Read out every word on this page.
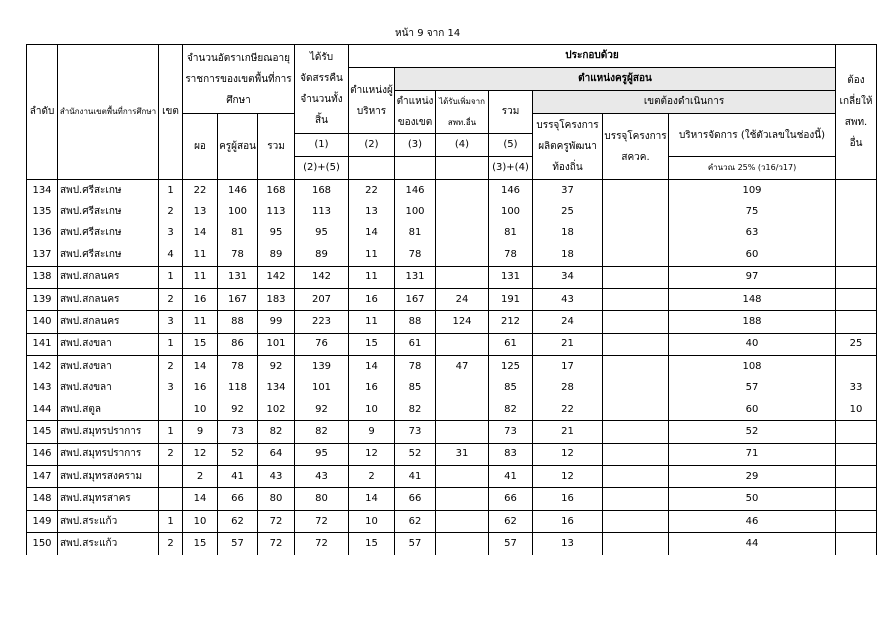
หน้า 9 จาก 14
ลำดับ	สำนักงานเขตพื้นที่การศึกษา	เขต	จำนวนอัตราเกษียณอายุราชการของเขตพื้นที่การศึกษา			ได้รับจัดสรรคืนจำนวนทั้งสิ้น	ประกอบด้วย							ต้องเกลี่ยให้ สพท. อื่น
							ตำแหน่งผู้บริหาร	ตำแหน่งครูผู้สอน						
								ตำแหน่งของเขต	ได้รับเพิ่มจาก สพท.อื่น	รวม	เขตต้องดำเนินการ			
			ผอ	ครูผู้สอน	รวม						บรรจุโครงการผลิตครูพัฒนาท้องถิ่น	บรรจุโครงการ สควค.	บริหารจัดการ (ใช้ตัวเลขในช่องนี้)	
						(1)	(2)	(3)	(4)	(5)				
						(2)+(5)				(3)+(4)			คำนวณ 25% (ว16/ว17)	
134	สพป.ศรีสะเกษ	1	22	146	168	168	22	146		146	37		109	
135	สพป.ศรีสะเกษ	2	13	100	113	113	13	100		100	25		75	
136	สพป.ศรีสะเกษ	3	14	81	95	95	14	81		81	18		63	
137	สพป.ศรีสะเกษ	4	11	78	89	89	11	78		78	18		60	
138	สพป.สกลนคร	1	11	131	142	142	11	131		131	34		97	
139	สพป.สกลนคร	2	16	167	183	207	16	167	24	191	43		148	
140	สพป.สกลนคร	3	11	88	99	223	11	88	124	212	24		188	
141	สพป.สงขลา	1	15	86	101	76	15	61		61	21		40	25
142	สพป.สงขลา	2	14	78	92	139	14	78	47	125	17		108	
143	สพป.สงขลา	3	16	118	134	101	16	85		85	28		57	33
144	สพป.สตูล		10	92	102	92	10	82		82	22		60	10
145	สพป.สมุทรปราการ	1	9	73	82	82	9	73		73	21		52	
146	สพป.สมุทรปราการ	2	12	52	64	95	12	52	31	83	12		71	
147	สพป.สมุทรสงคราม		2	41	43	43	2	41		41	12		29	
148	สพป.สมุทรสาคร		14	66	80	80	14	66		66	16		50	
149	สพป.สระแก้ว	1	10	62	72	72	10	62		62	16		46	
150	สพป.สระแก้ว	2	15	57	72	72	15	57		57	13		44	
